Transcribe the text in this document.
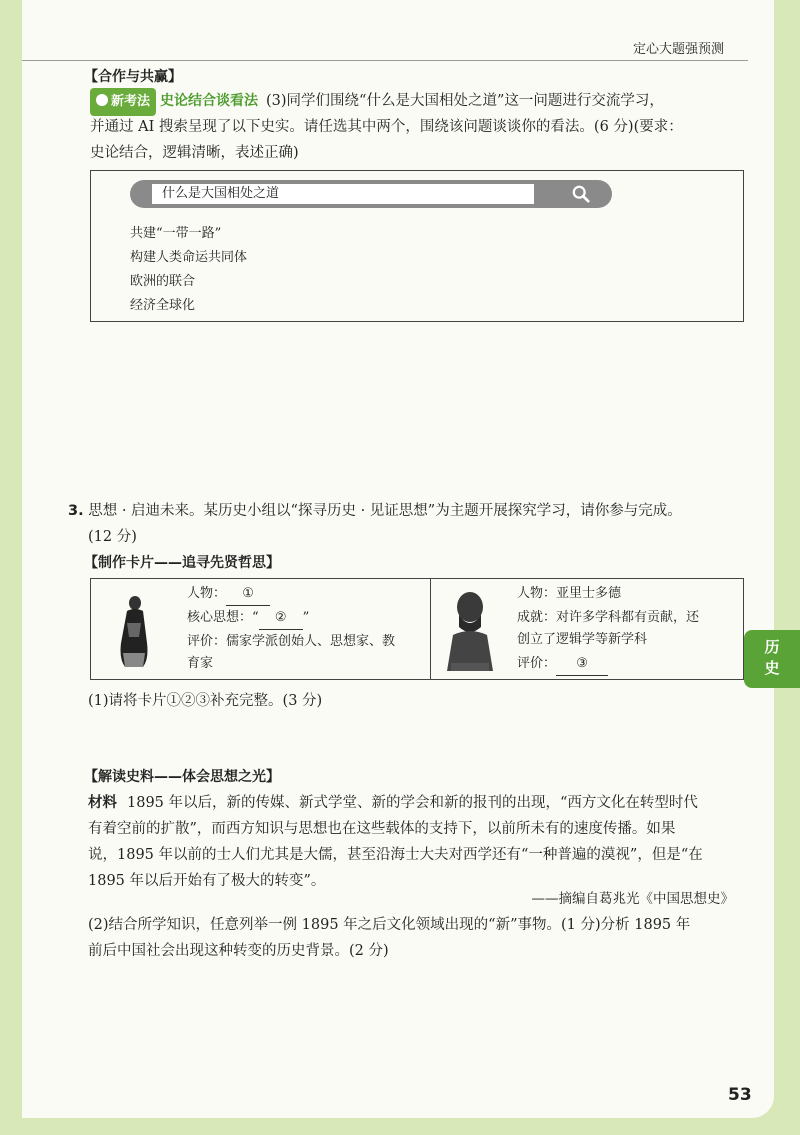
定心大题强预测
【合作与共赢】
新考法 史论结合谈看法 (3)同学们围绕“什么是大国相处之道”这一问题进行交流学习，
并通过 AI 搜索呈现了以下史实。请任选其中两个，围绕该问题谈谈你的看法。(6 分)(要求：
史论结合，逻辑清晰，表述正确)
什么是大国相处之道
共建“一带一路”
构建人类命运共同体
欧洲的联合
经济全球化
3. 思想 · 启迪未来。某历史小组以“探寻历史 · 见证思想”为主题开展探究学习，请你参与完成。
(12 分)
【制作卡片——追寻先贤哲思】
人物： ①
核心思想：“ ② ”
评价：儒家学派创始人、思想家、教
育家
人物：亚里士多德
成就：对许多学科都有贡献，还
创立了逻辑学等新学科
评价： ③
(1)请将卡片①②③补充完整。(3 分)
【解读史料——体会思想之光】
材料 1895 年以后，新的传媒、新式学堂、新的学会和新的报刊的出现，“西方文化在转型时代
有着空前的扩散”，而西方知识与思想也在这些载体的支持下，以前所未有的速度传播。如果
说，1895 年以前的士人们尤其是大儒，甚至沿海士大夫对西学还有“一种普遍的漠视”，但是“在
1895 年以后开始有了极大的转变”。
——摘编自葛兆光《中国思想史》
(2)结合所学知识，任意列举一例 1895 年之后文化领域出现的“新”事物。(1 分)分析 1895 年
前后中国社会出现这种转变的历史背景。(2 分)
53
历
史
